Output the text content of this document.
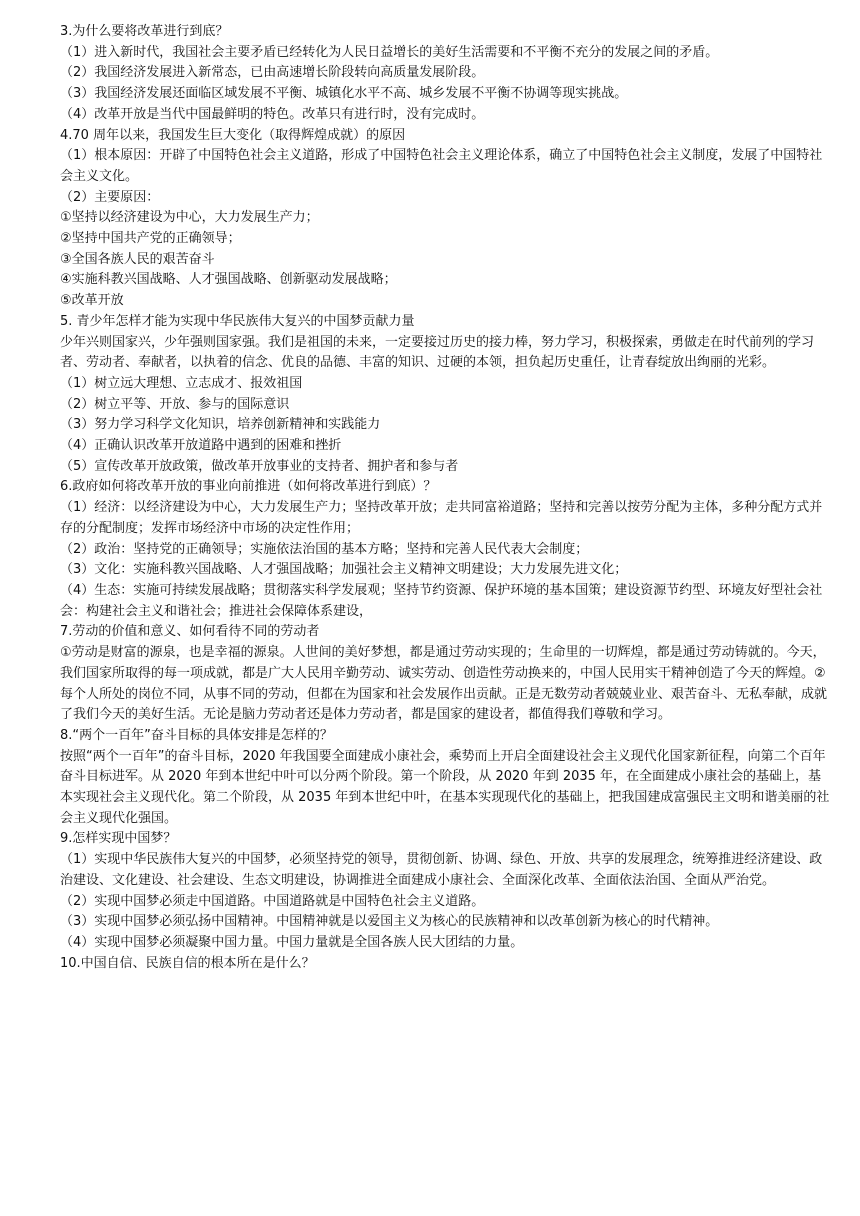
3.为什么要将改革进行到底？
（1）进入新时代，我国社会主要矛盾已经转化为人民日益增长的美好生活需要和不平衡不充分的发展之间的矛盾。
（2）我国经济发展进入新常态，已由高速增长阶段转向高质量发展阶段。
（3）我国经济发展还面临区域发展不平衡、城镇化水平不高、城乡发展不平衡不协调等现实挑战。
（4）改革开放是当代中国最鲜明的特色。改革只有进行时，没有完成时。
4.70 周年以来，我国发生巨大变化（取得辉煌成就）的原因
（1）根本原因：开辟了中国特色社会主义道路，形成了中国特色社会主义理论体系，确立了中国特色社会主义制度，发展了中国特社会主义文化。
（2）主要原因：
①坚持以经济建设为中心，大力发展生产力；
②坚持中国共产党的正确领导；
③全国各族人民的艰苦奋斗
④实施科教兴国战略、人才强国战略、创新驱动发展战略；
⑤改革开放
5. 青少年怎样才能为实现中华民族伟大复兴的中国梦贡献力量
少年兴则国家兴，少年强则国家强。我们是祖国的未来，一定要接过历史的接力棒，努力学习，积极探索，勇做走在时代前列的学习者、劳动者、奉献者，以执着的信念、优良的品德、丰富的知识、过硬的本领，担负起历史重任，让青春绽放出绚丽的光彩。
（1）树立远大理想、立志成才、报效祖国
（2）树立平等、开放、参与的国际意识
（3）努力学习科学文化知识，培养创新精神和实践能力
（4）正确认识改革开放道路中遇到的困难和挫折
（5）宣传改革开放政策，做改革开放事业的支持者、拥护者和参与者
6.政府如何将改革开放的事业向前推进（如何将改革进行到底）？
（1）经济：以经济建设为中心，大力发展生产力；坚持改革开放；走共同富裕道路；坚持和完善以按劳分配为主体，多种分配方式并存的分配制度；发挥市场经济中市场的决定性作用；
（2）政治：坚持党的正确领导；实施依法治国的基本方略；坚持和完善人民代表大会制度；
（3）文化：实施科教兴国战略、人才强国战略；加强社会主义精神文明建设；大力发展先进文化；
（4）生态：实施可持续发展战略；贯彻落实科学发展观；坚持节约资源、保护环境的基本国策；建设资源节约型、环境友好型社会社会：构建社会主义和谐社会；推进社会保障体系建设，
7.劳动的价值和意义、如何看待不同的劳动者
①劳动是财富的源泉，也是幸福的源泉。人世间的美好梦想，都是通过劳动实现的；生命里的一切辉煌，都是通过劳动铸就的。今天，我们国家所取得的每一项成就，都是广大人民用辛勤劳动、诚实劳动、创造性劳动换来的，中国人民用实干精神创造了今天的辉煌。②每个人所处的岗位不同，从事不同的劳动，但都在为国家和社会发展作出贡献。正是无数劳动者兢兢业业、艰苦奋斗、无私奉献，成就了我们今天的美好生活。无论是脑力劳动者还是体力劳动者，都是国家的建设者，都值得我们尊敬和学习。
8.“两个一百年”奋斗目标的具体安排是怎样的？
按照“两个一百年”的奋斗目标，2020 年我国要全面建成小康社会，乘势而上开启全面建设社会主义现代化国家新征程，向第二个百年奋斗目标进军。从 2020 年到本世纪中叶可以分两个阶段。第一个阶段，从 2020 年到 2035 年，在全面建成小康社会的基础上，基本实现社会主义现代化。第二个阶段，从 2035 年到本世纪中叶，在基本实现现代化的基础上，把我国建成富强民主文明和谐美丽的社会主义现代化强国。
9.怎样实现中国梦？
（1）实现中华民族伟大复兴的中国梦，必须坚持党的领导，贯彻创新、协调、绿色、开放、共享的发展理念，统筹推进经济建设、政治建设、文化建设、社会建设、生态文明建设，协调推进全面建成小康社会、全面深化改革、全面依法治国、全面从严治党。
（2）实现中国梦必须走中国道路。中国道路就是中国特色社会主义道路。
（3）实现中国梦必须弘扬中国精神。中国精神就是以爱国主义为核心的民族精神和以改革创新为核心的时代精神。
（4）实现中国梦必须凝聚中国力量。中国力量就是全国各族人民大团结的力量。
10.中国自信、民族自信的根本所在是什么？
